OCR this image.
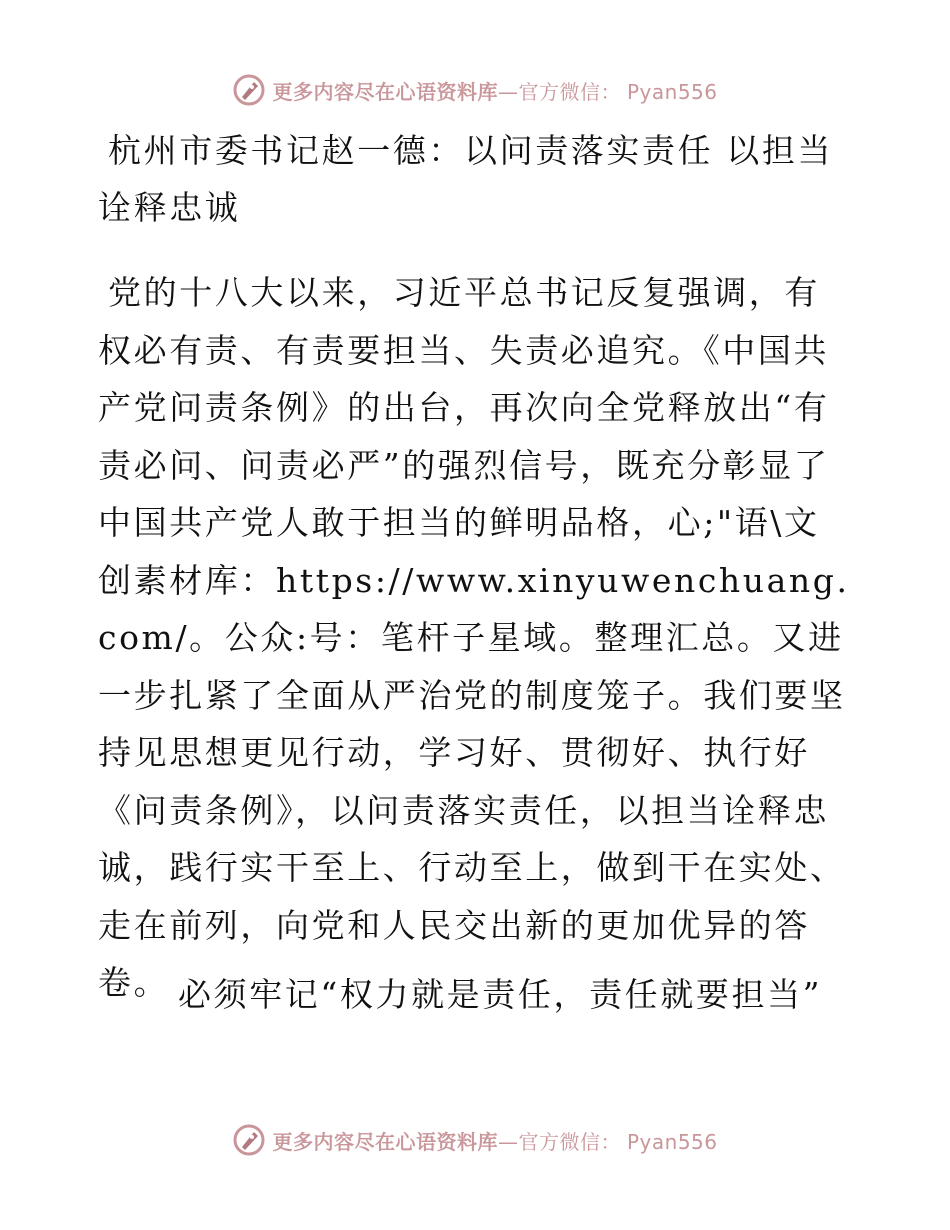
更多内容尽在心语资料库—官方微信： Pyan556
杭州市委书记赵一德：以问责落实责任 以担当诠释忠诚

党的十八大以来，习近平总书记反复强调，有权必有责、有责要担当、失责必追究。《中国共产党问责条例》的出台，再次向全党释放出“有责必问、问责必严”的强烈信号，既充分彰显了中国共产党人敢于担当的鲜明品格，心;"语\文创素材库：https://www.xinyuwenchuang.com/。公众:号：笔杆子星域。整理汇总。又进一步扎紧了全面从严治党的制度笼子。我们要坚持见思想更见行动，学习好、贯彻好、执行好《问责条例》，以问责落实责任，以担当诠释忠诚，践行实干至上、行动至上，做到干在实处、走在前列，向党和人民交出新的更加优异的答卷。 必须牢记“权力就是责任，责任就要担当”

更多内容尽在心语资料库—官方微信： Pyan556
